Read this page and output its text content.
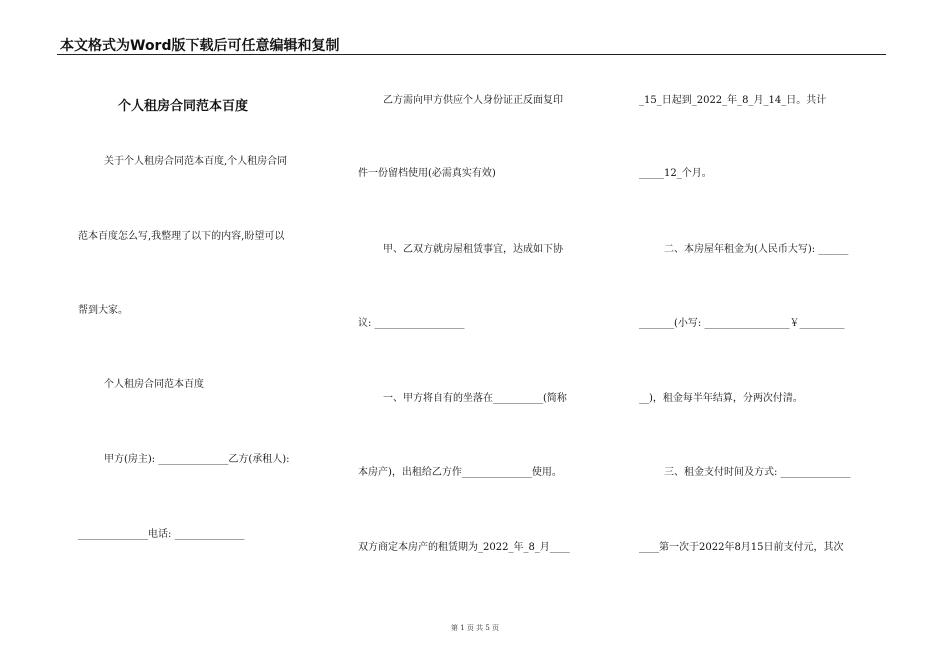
本文格式为Word版下载后可任意编辑和复制
个人租房合同范本百度
关于个人租房合同范本百度,个人租房合同
范本百度怎么写,我整理了以下的内容,盼望可以
帮到大家。
个人租房合同范本百度
甲方(房主): ______________乙方(承租人):
______________电话: ______________
乙方需向甲方供应个人身份证正反面复印
件一份留档使用(必需真实有效)
甲、乙双方就房屋租赁事宜，达成如下协
议: __________________
一、甲方将自有的坐落在__________(简称
本房产)，出租给乙方作______________使用。
双方商定本房产的租赁期为_2022_年_8_月____
_15_日起到_2022_年_8_月_14_日。共计
_____12_个月。
二、本房屋年租金为(人民币大写): ______
_______(小写: _________________￥_________
__)，租金每半年结算，分两次付清。
三、租金支付时间及方式: ______________
____第一次于2022年8月15日前支付元，其次
第 1 页 共 5 页
